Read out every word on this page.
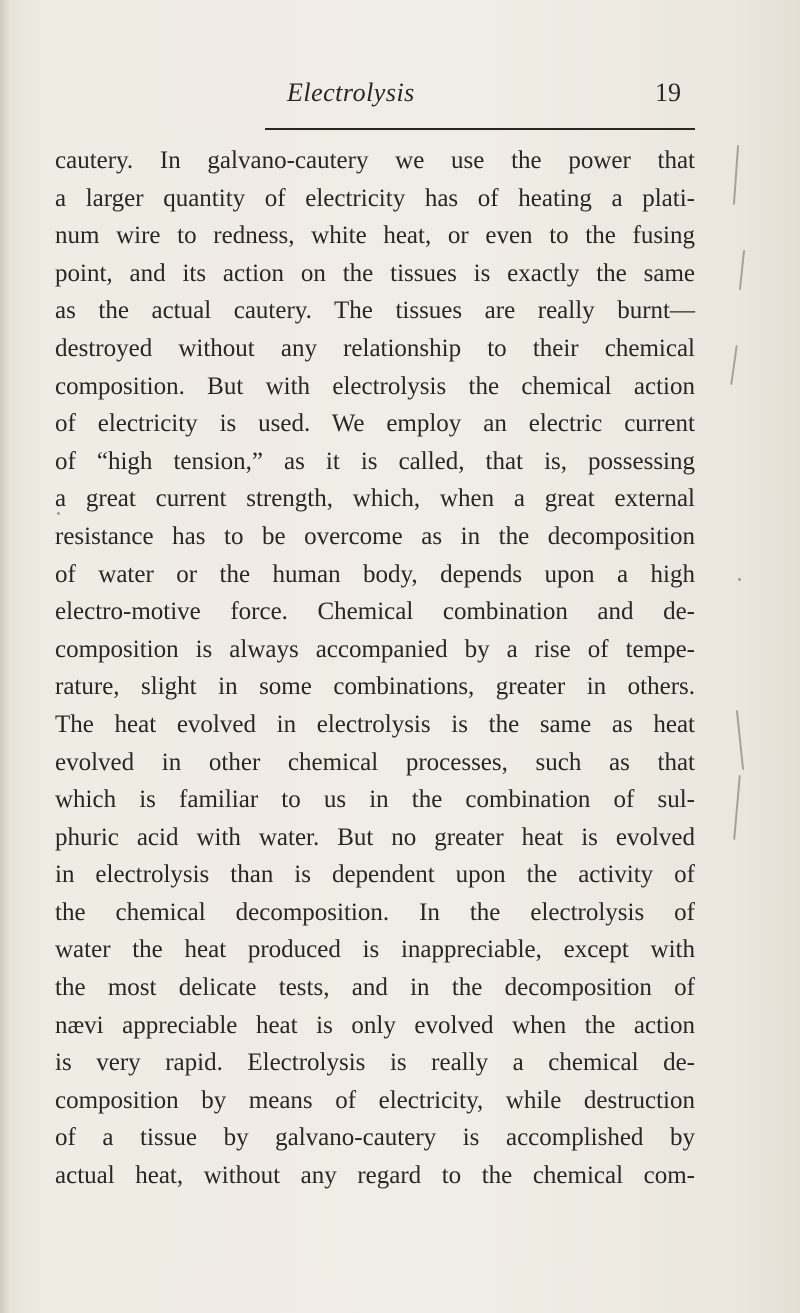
Electrolysis	19
cautery. In galvano-cautery we use the power that
a larger quantity of electricity has of heating a plati-
num wire to redness, white heat, or even to the fusing
point, and its action on the tissues is exactly the same
as the actual cautery. The tissues are really burnt—
destroyed without any relationship to their chemical
composition. But with electrolysis the chemical action
of electricity is used. We employ an electric current
of “high tension,” as it is called, that is, possessing
a great current strength, which, when a great external
resistance has to be overcome as in the decomposition
of water or the human body, depends upon a high
electro-motive force. Chemical combination and de-
composition is always accompanied by a rise of tempe-
rature, slight in some combinations, greater in others.
The heat evolved in electrolysis is the same as heat
evolved in other chemical processes, such as that
which is familiar to us in the combination of sul-
phuric acid with water. But no greater heat is evolved
in electrolysis than is dependent upon the activity of
the chemical decomposition. In the electrolysis of
water the heat produced is inappreciable, except with
the most delicate tests, and in the decomposition of
nævi appreciable heat is only evolved when the action
is very rapid. Electrolysis is really a chemical de-
composition by means of electricity, while destruction
of a tissue by galvano-cautery is accomplished by
actual heat, without any regard to the chemical com-
